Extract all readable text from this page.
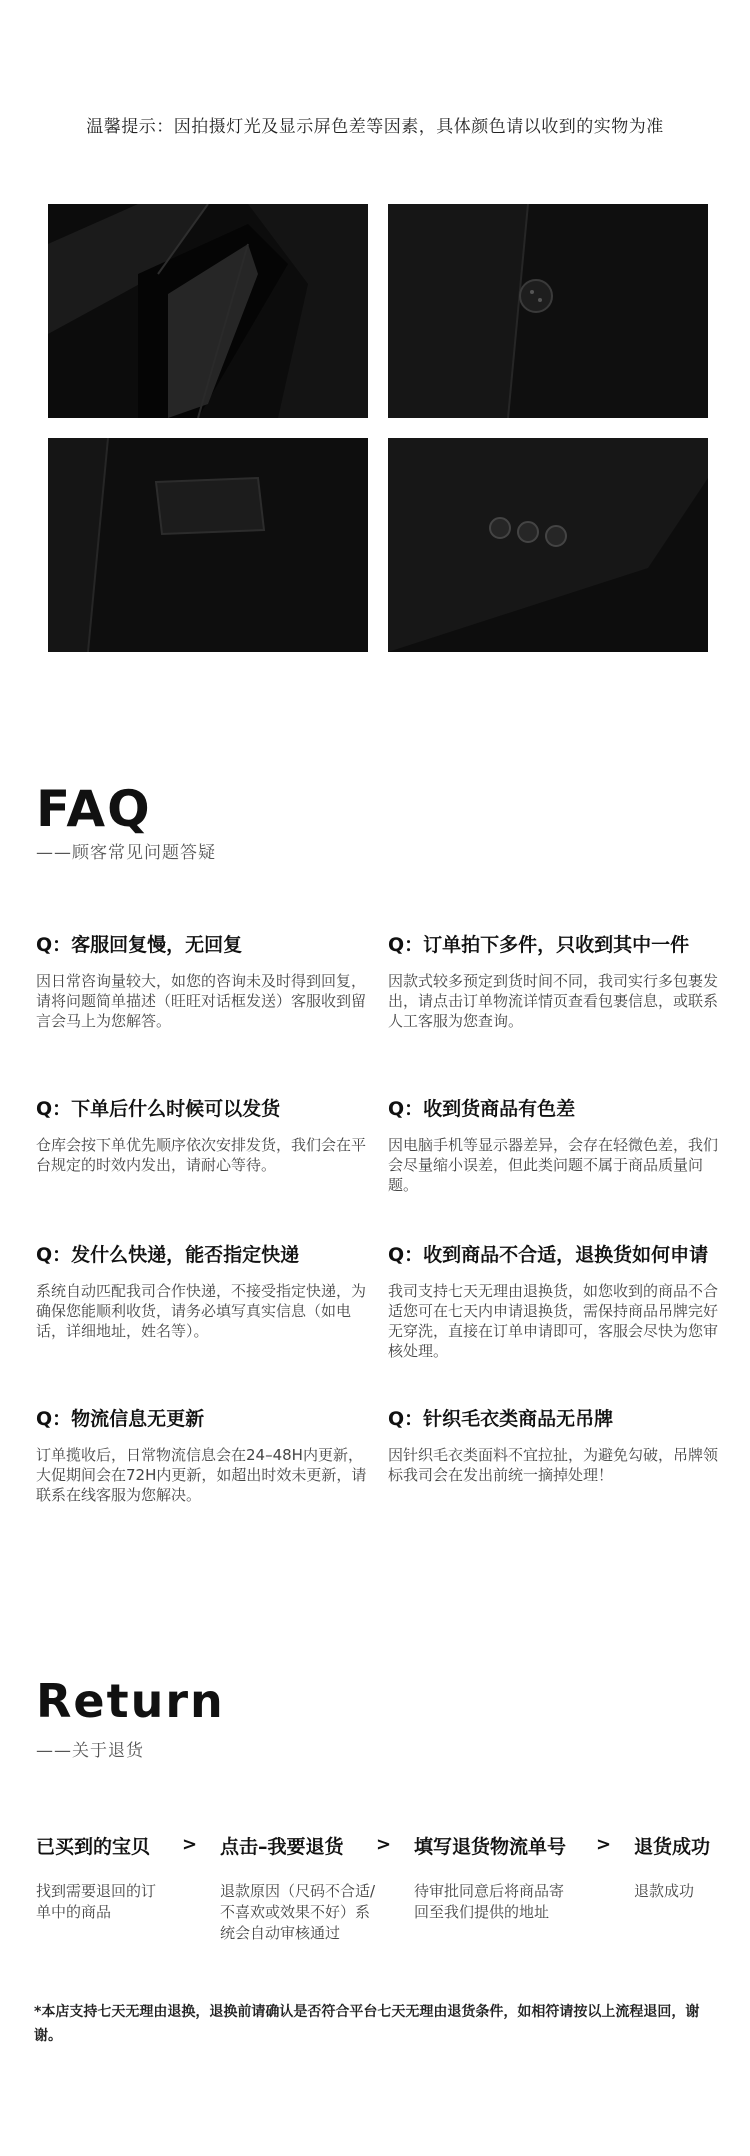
温馨提示：因拍摄灯光及显示屏色差等因素，具体颜色请以收到的实物为准
FAQ
——顾客常见问题答疑

Q：客服回复慢，无回复

因日常咨询量较大，如您的咨询未及时得到回复，请将问题简单描述（旺旺对话框发送）客服收到留言会马上为您解答。

Q：订单拍下多件，只收到其中一件

因款式较多预定到货时间不同，我司实行多包裹发出，请点击订单物流详情页查看包裹信息，或联系人工客服为您查询。

Q：下单后什么时候可以发货

仓库会按下单优先顺序依次安排发货，我们会在平台规定的时效内发出，请耐心等待。

Q：收到货商品有色差

因电脑手机等显示器差异，会存在轻微色差，我们会尽量缩小误差，但此类问题不属于商品质量问题。

Q：发什么快递，能否指定快递

系统自动匹配我司合作快递，不接受指定快递，为确保您能顺利收货，请务必填写真实信息（如电话，详细地址，姓名等）。

Q：收到商品不合适，退换货如何申请

我司支持七天无理由退换货，如您收到的商品不合适您可在七天内申请退换货，需保持商品吊牌完好无穿洗，直接在订单申请即可，客服会尽快为您审核处理。

Q：物流信息无更新

订单揽收后，日常物流信息会在24–48H内更新，大促期间会在72H内更新，如超出时效未更新，请联系在线客服为您解决。

Q：针织毛衣类商品无吊牌

因针织毛衣类面料不宜拉扯，为避免勾破，吊牌领标我司会在发出前统一摘掉处理！

Return
——关于退货
已买到的宝贝
找到需要退回的订单中的商品
> 点击–我要退货
退款原因（尺码不合适/不喜欢或效果不好）系统会自动审核通过
> 填写退货物流单号
待审批同意后将商品寄回至我们提供的地址
> 退货成功
退款成功
*本店支持七天无理由退换，退换前请确认是否符合平台七天无理由退货条件，如相符请按以上流程退回，谢谢。
